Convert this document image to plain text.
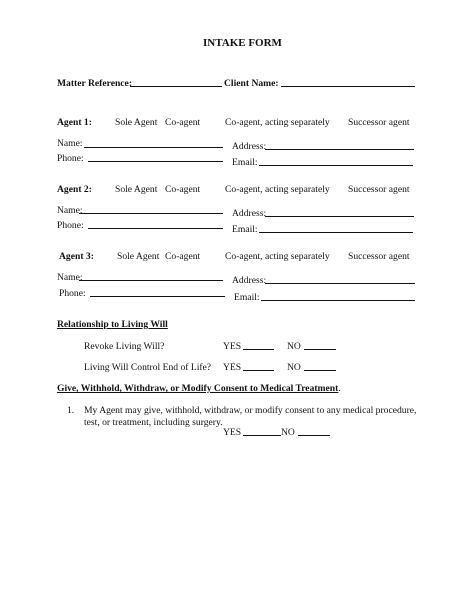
INTAKE FORM
Matter Reference:	Client Name:
Agent 1: Sole Agent Co-agent	Co-agent, acting separately Successor agent
Name:	Address:
Phone:	Email:
Agent 2: Sole Agent Co-agent	Co-agent, acting separately Successor agent
Name:	Address:
Phone:	Email:
Agent 3: Sole Agent Co-agent	Co-agent, acting separately Successor agent
Name:	Address:
Phone:	Email:
Relationship to Living Will
Revoke Living Will?	YES	NO
Living Will Control End of Life? YES	NO
Give, Withhold, Withdraw, or Modify Consent to Medical Treatment.
1. My Agent may give, withhold, withdraw, or modify consent to any medical procedure,
test, or treatment, including surgery.
YES	NO
